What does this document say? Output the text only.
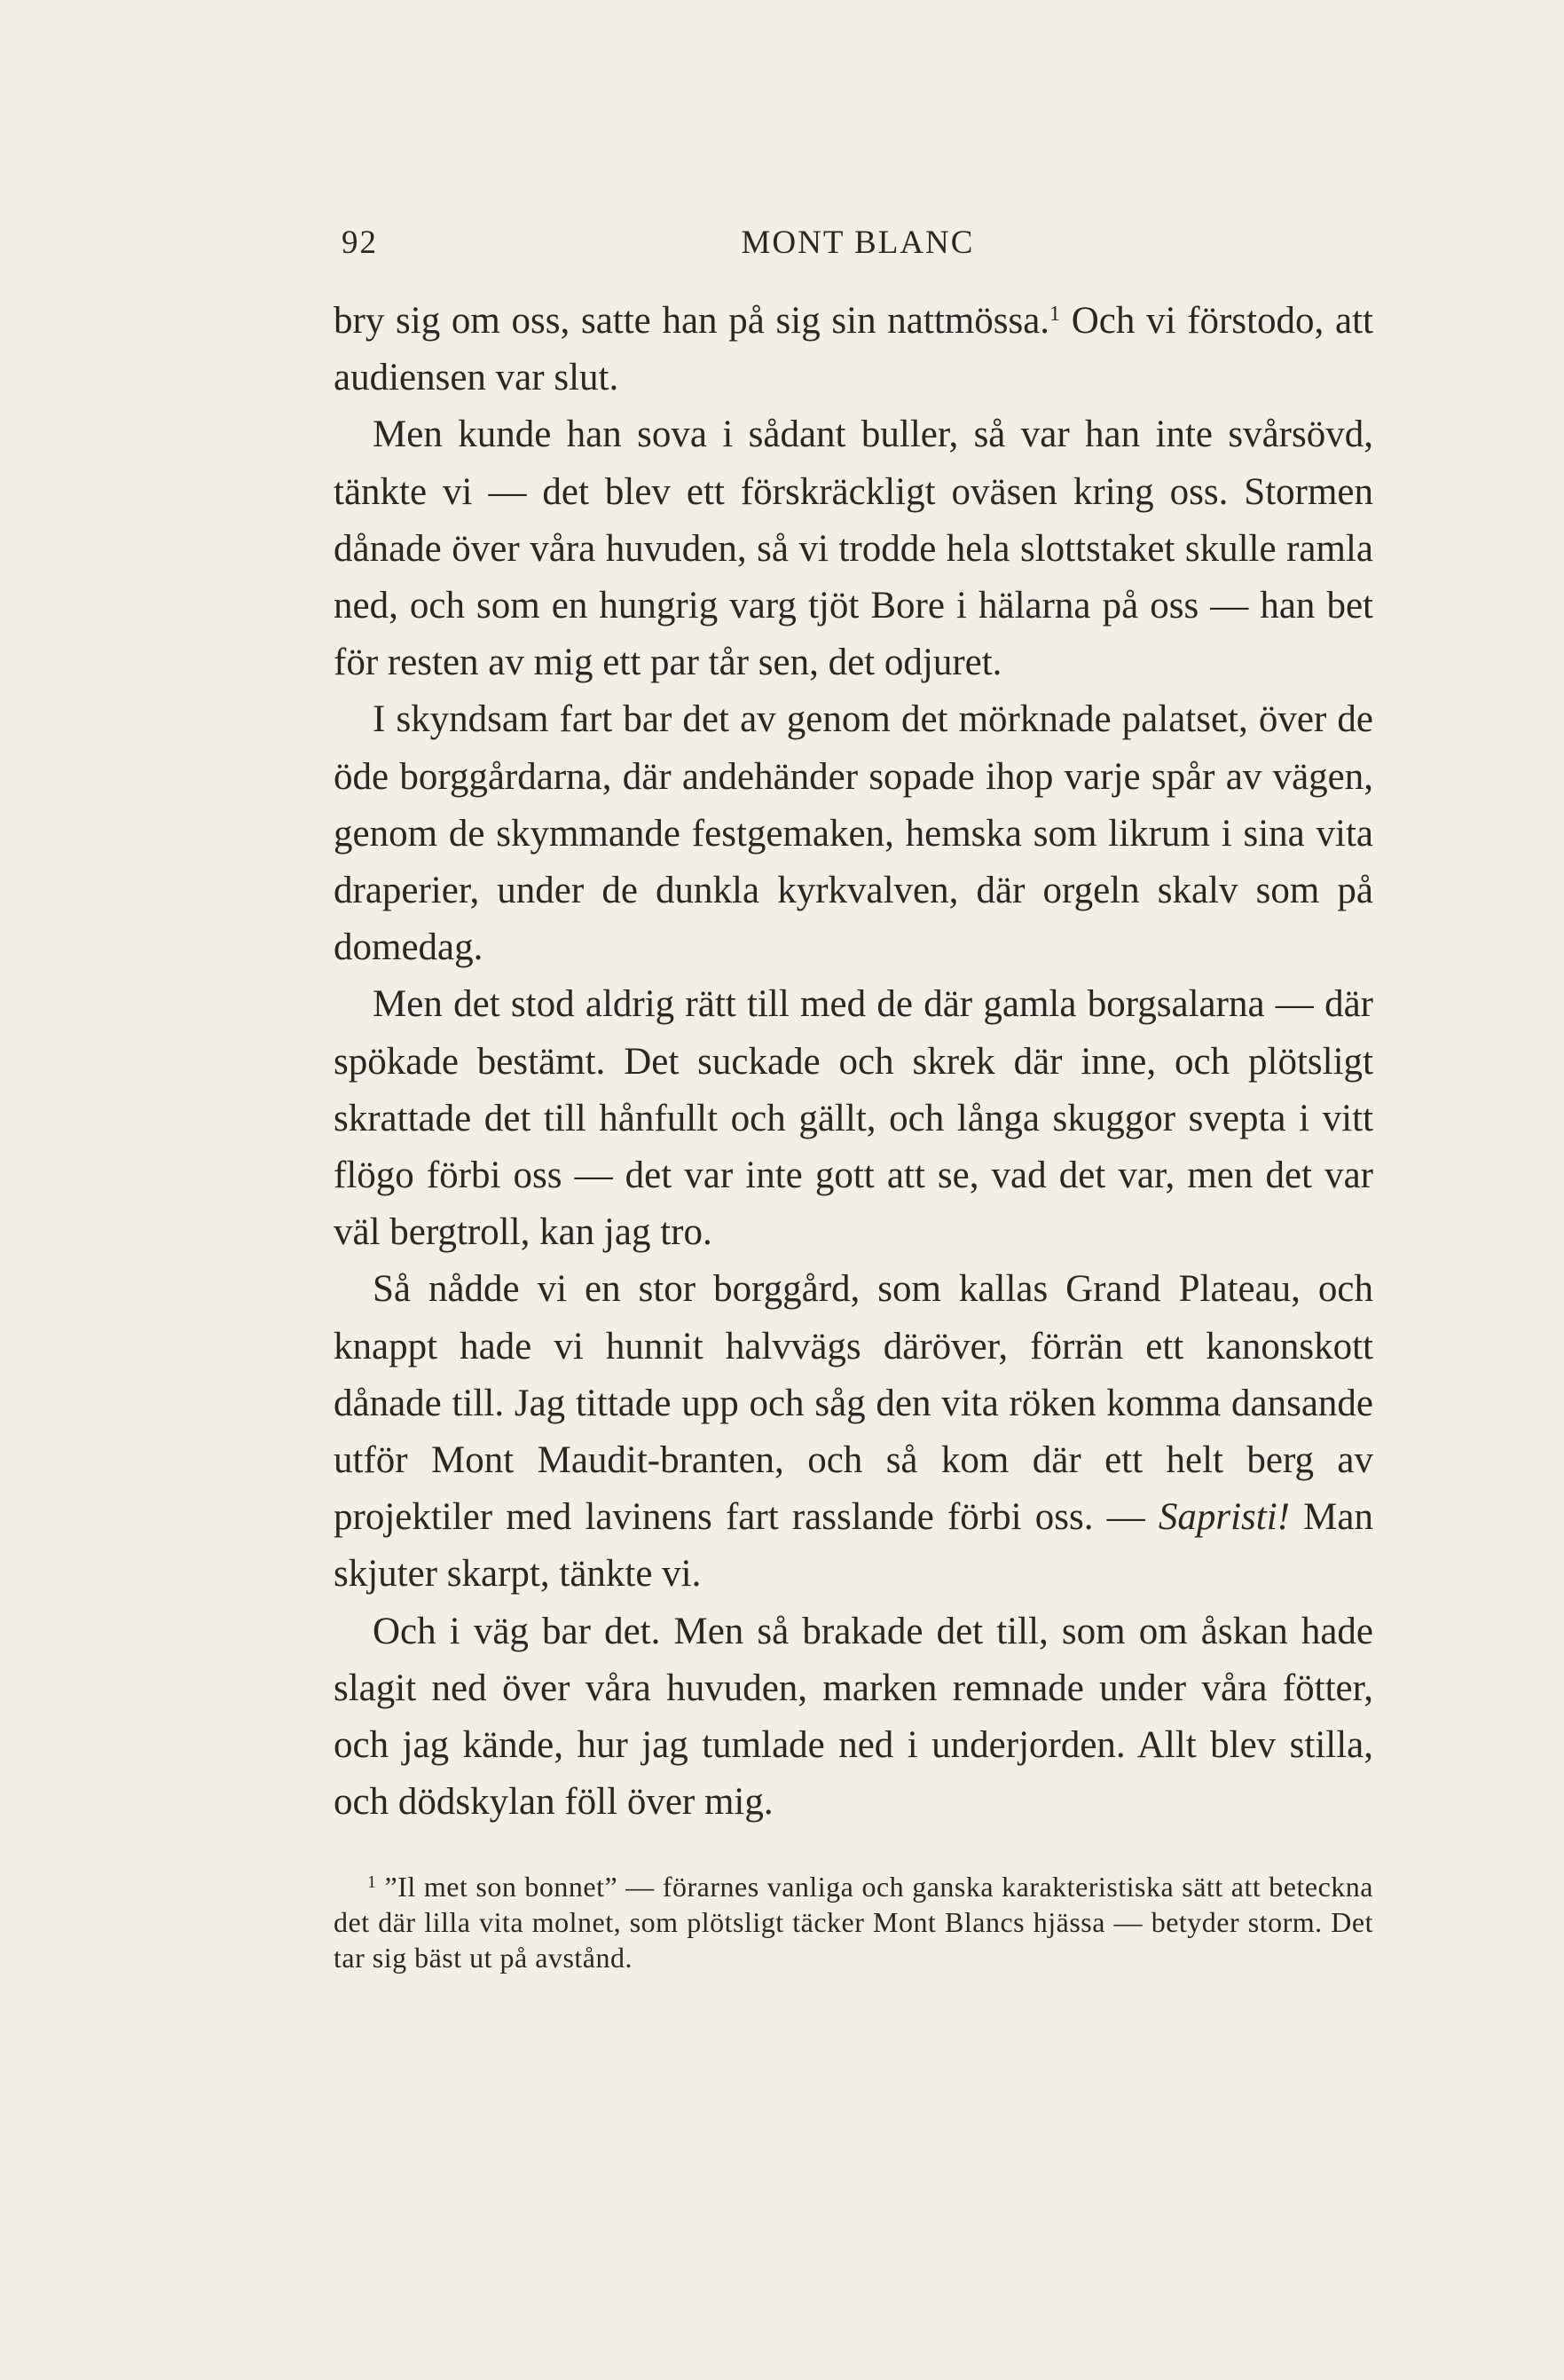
92	MONT BLANC

bry sig om oss, satte han på sig sin nattmössa.$^1$ Och vi förstodo, att audiensen var slut.

Men kunde han sova i sådant buller, så var han inte svårsövd, tänkte vi — det blev ett förskräckligt oväsen kring oss. Stormen dånade över våra huvuden, så vi trodde hela slottstaket skulle ramla ned, och som en hungrig varg tjöt Bore i hälarna på oss — han bet för resten av mig ett par tår sen, det odjuret.

I skyndsam fart bar det av genom det mörknade palatset, över de öde borggårdarna, där andehänder sopade ihop varje spår av vägen, genom de skymmande festgemaken, hemska som likrum i sina vita draperier, under de dunkla kyrkvalven, där orgeln skalv som på domedag.

Men det stod aldrig rätt till med de där gamla borgsalarna — där spökade bestämt. Det suckade och skrek där inne, och plötsligt skrattade det till hånfullt och gällt, och långa skuggor svepta i vitt flögo förbi oss — det var inte gott att se, vad det var, men det var väl bergtroll, kan jag tro.

Så nådde vi en stor borggård, som kallas Grand Plateau, och knappt hade vi hunnit halvvägs däröver, förrän ett kanonskott dånade till. Jag tittade upp och såg den vita röken komma dansande utför Mont Maudit-branten, och så kom där ett helt berg av projektiler med lavinens fart rasslande förbi oss. — Sapristi! Man skjuter skarpt, tänkte vi.

Och i väg bar det. Men så brakade det till, som om åskan hade slagit ned över våra huvuden, marken remnade under våra fötter, och jag kände, hur jag tumlade ned i underjorden. Allt blev stilla, och dödskylan föll över mig.

$^1$ ”Il met son bonnet” — förarnes vanliga och ganska karakteristiska sätt att beteckna det där lilla vita molnet, som plötsligt täcker Mont Blancs hjässa — betyder storm. Det tar sig bäst ut på avstånd.
